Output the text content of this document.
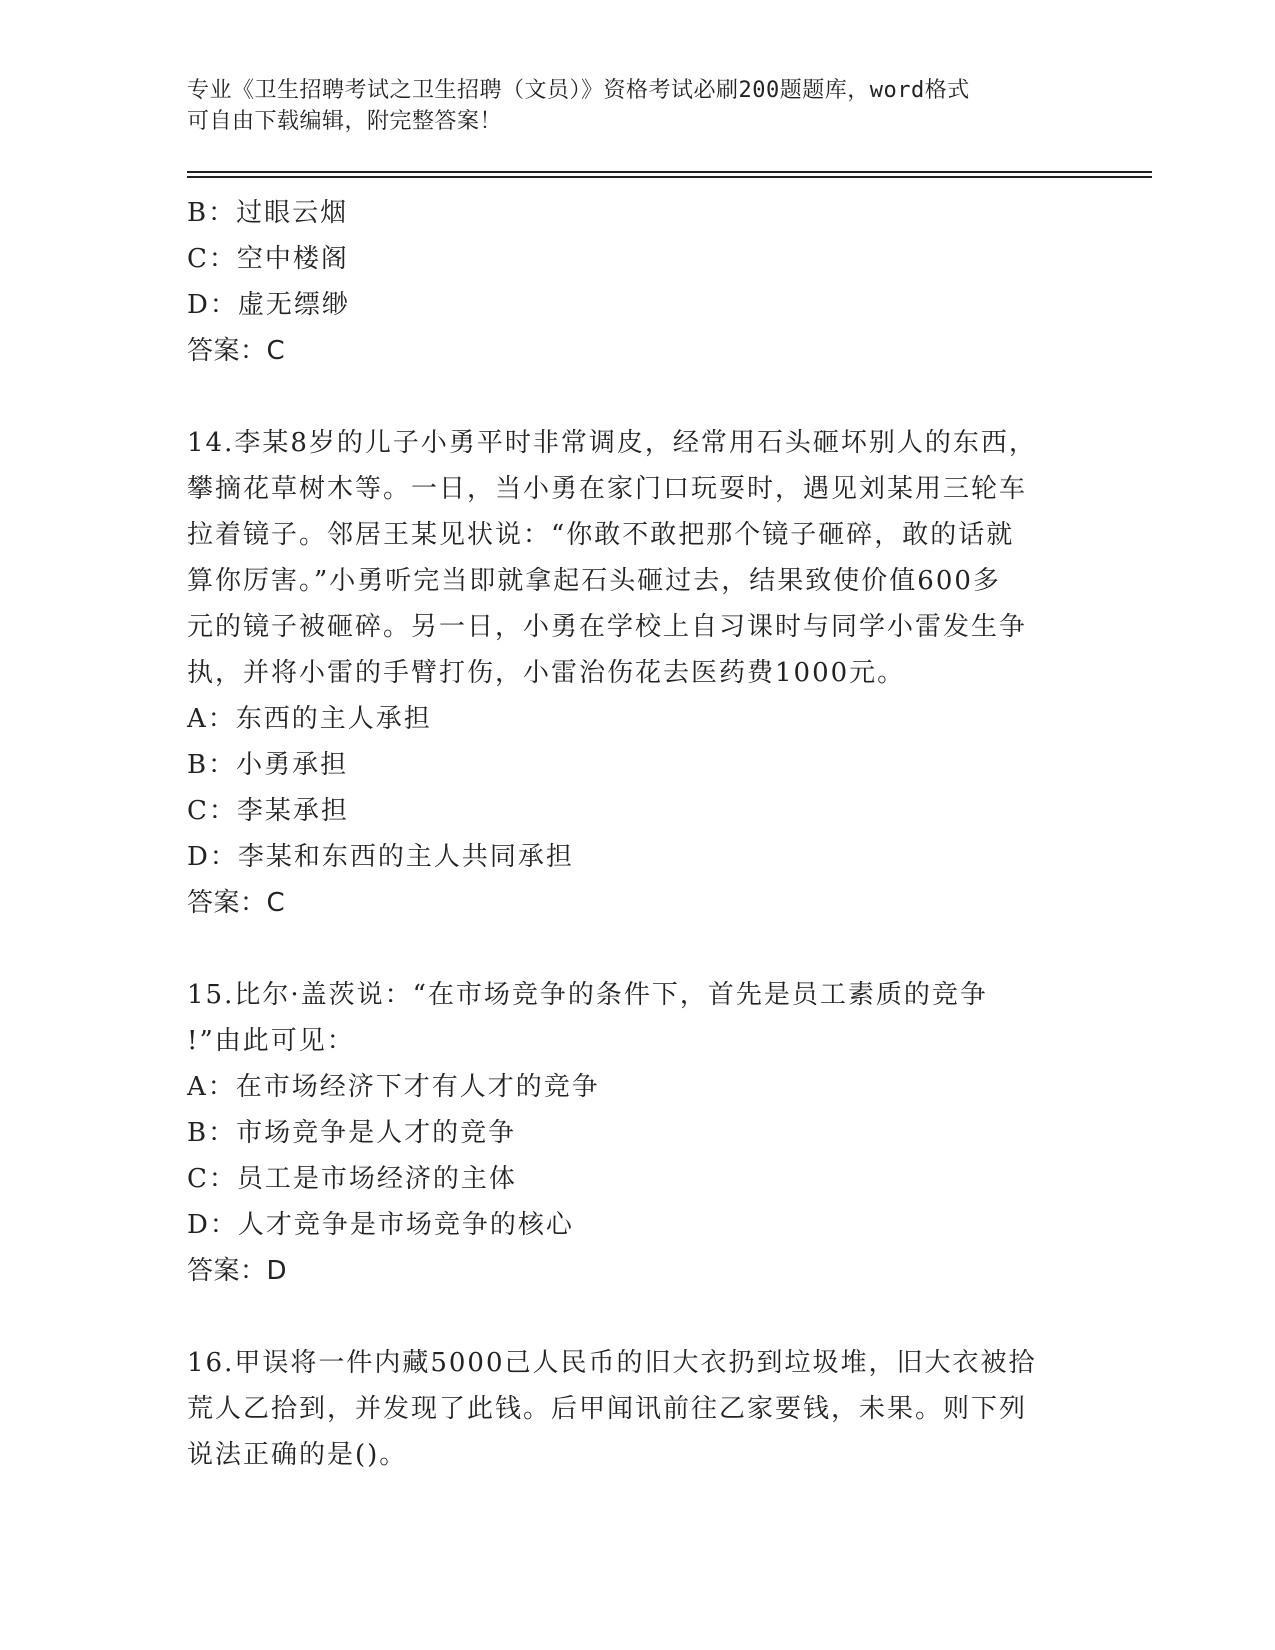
专业《卫生招聘考试之卫生招聘（文员）》资格考试必刷200题题库，word格式
可自由下载编辑，附完整答案！
B：过眼云烟
C：空中楼阁
D：虚无缥缈
答案：C
14.李某8岁的儿子小勇平时非常调皮，经常用石头砸坏别人的东西，
攀摘花草树木等。一日，当小勇在家门口玩耍时，遇见刘某用三轮车
拉着镜子。邻居王某见状说：“你敢不敢把那个镜子砸碎，敢的话就
算你厉害。”小勇听完当即就拿起石头砸过去，结果致使价值600多
元的镜子被砸碎。另一日，小勇在学校上自习课时与同学小雷发生争
执，并将小雷的手臂打伤，小雷治伤花去医药费1000元。
A：东西的主人承担
B：小勇承担
C：李某承担
D：李某和东西的主人共同承担
答案：C
15.比尔·盖茨说：“在市场竞争的条件下，首先是员工素质的竞争
!”由此可见：
A：在市场经济下才有人才的竞争
B：市场竞争是人才的竞争
C：员工是市场经济的主体
D：人才竞争是市场竞争的核心
答案：D
16.甲误将一件内藏5000己人民币的旧大衣扔到垃圾堆，旧大衣被拾
荒人乙拾到，并发现了此钱。后甲闻讯前往乙家要钱，未果。则下列
说法正确的是()。
